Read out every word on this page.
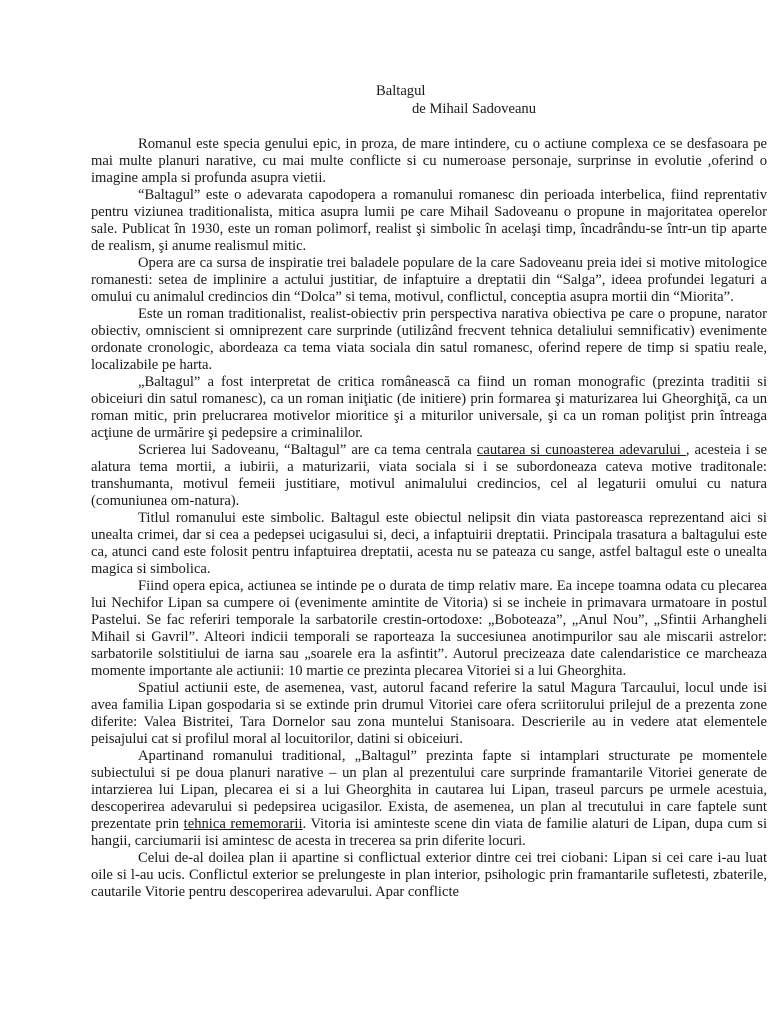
Baltagul
de Mihail Sadoveanu

Romanul este specia genului epic, in proza, de mare intindere, cu o actiune complexa ce se desfasoara pe mai multe planuri narative, cu mai multe conflicte si cu numeroase personaje, surprinse in evolutie ,oferind o imagine ampla si profunda asupra vietii.

“Baltagul” este o adevarata capodopera a romanului romanesc din perioada interbelica, fiind reprentativ pentru viziunea traditionalista, mitica asupra lumii pe care Mihail Sadoveanu o propune in majoritatea operelor sale. Publicat în 1930, este un roman polimorf, realist şi simbolic în acelaşi timp, încadrându-se într-un tip aparte de realism, şi anume realismul mitic.

Opera are ca sursa de inspiratie trei baladele populare de la care Sadoveanu preia idei si motive mitologice romanesti: setea de implinire a actului justitiar, de infaptuire a dreptatii din “Salga”, ideea profundei legaturi a omului cu animalul credincios din “Dolca” si tema, motivul, conflictul, conceptia asupra mortii din “Miorita”.

Este un roman traditionalist, realist-obiectiv prin perspectiva narativa obiectiva pe care o propune, narator obiectiv, omniscient si omniprezent care surprinde (utilizând frecvent tehnica detaliului semnificativ) evenimente ordonate cronologic, abordeaza ca tema viata sociala din satul romanesc, oferind repere de timp si spatiu reale, localizabile pe harta.

„Baltagul” a fost interpretat de critica românească ca fiind un roman monografic (prezinta traditii si obiceiuri din satul romanesc), ca un roman iniţiatic (de initiere) prin formarea şi maturizarea lui Gheorghiţă, ca un roman mitic, prin prelucrarea motivelor mioritice şi a miturilor universale, şi ca un roman poliţist prin întreaga acţiune de urmărire şi pedepsire a criminalilor.

Scrierea lui Sadoveanu, “Baltagul” are ca tema centrala cautarea si cunoasterea adevarului , acesteia i se alatura tema mortii, a iubirii, a maturizarii, viata sociala si i se subordoneaza cateva motive traditonale: transhumanta, motivul femeii justitiare, motivul animalului credincios, cel al legaturii omului cu natura (comuniunea om-natura).

Titlul romanului este simbolic. Baltagul este obiectul nelipsit din viata pastoreasca reprezentand aici si unealta crimei, dar si cea a pedepsei ucigasului si, deci, a infaptuirii dreptatii. Principala trasatura a baltagului este ca, atunci cand este folosit pentru infaptuirea dreptatii, acesta nu se pateaza cu sange, astfel baltagul este o unealta magica si simbolica.

Fiind opera epica, actiunea se intinde pe o durata de timp relativ mare. Ea incepe toamna odata cu plecarea lui Nechifor Lipan sa cumpere oi (evenimente amintite de Vitoria) si se incheie in primavara urmatoare in postul Pastelui. Se fac referiri temporale la sarbatorile crestin-ortodoxe: „Boboteaza”, „Anul Nou”, „Sfintii Arhangheli Mihail si Gavril”. Alteori indicii temporali se raporteaza la succesiunea anotimpurilor sau ale miscarii astrelor: sarbatorile solstitiului de iarna sau „soarele era la asfintit”. Autorul precizeaza date calendaristice ce marcheaza momente importante ale actiunii: 10 martie ce prezinta plecarea Vitoriei si a lui Gheorghita.

Spatiul actiunii este, de asemenea, vast, autorul facand referire la satul Magura Tarcaului, locul unde isi avea familia Lipan gospodaria si se extinde prin drumul Vitoriei care ofera scriitorului prilejul de a prezenta zone diferite: Valea Bistritei, Tara Dornelor sau zona muntelui Stanisoara. Descrierile au in vedere atat elementele peisajului cat si profilul moral al locuitorilor, datini si obiceiuri.

Apartinand romanului traditional, „Baltagul” prezinta fapte si intamplari structurate pe momentele subiectului si pe doua planuri narative – un plan al prezentului care surprinde framantarile Vitoriei generate de intarzierea lui Lipan, plecarea ei si a lui Gheorghita in cautarea lui Lipan, traseul parcurs pe urmele acestuia, descoperirea adevarului si pedepsirea ucigasilor. Exista, de asemenea, un plan al trecutului in care faptele sunt prezentate prin tehnica rememorarii. Vitoria isi aminteste scene din viata de familie alaturi de Lipan, dupa cum si hangii, carciumarii isi amintesc de acesta in trecerea sa prin diferite locuri.

Celui de-al doilea plan ii apartine si conflictual exterior dintre cei trei ciobani: Lipan si cei care i-au luat oile si l-au ucis. Conflictul exterior se prelungeste in plan interior, psihologic prin framantarile sufletesti, zbaterile, cautarile Vitorie pentru descoperirea adevarului. Apar conflicte
